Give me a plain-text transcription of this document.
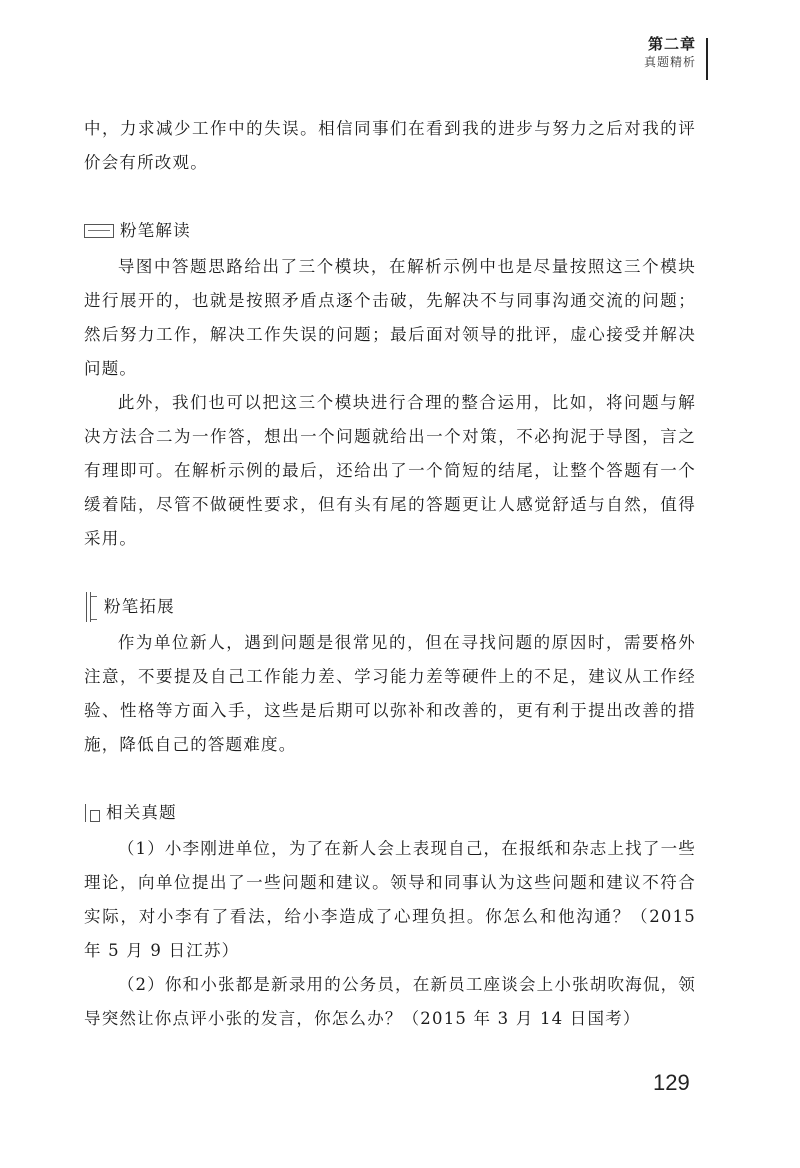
第二章
真题精析

中，力求减少工作中的失误。相信同事们在看到我的进步与努力之后对我的评价会有所改观。

粉笔解读

导图中答题思路给出了三个模块，在解析示例中也是尽量按照这三个模块进行展开的，也就是按照矛盾点逐个击破，先解决不与同事沟通交流的问题；然后努力工作，解决工作失误的问题；最后面对领导的批评，虚心接受并解决问题。

此外，我们也可以把这三个模块进行合理的整合运用，比如，将问题与解决方法合二为一作答，想出一个问题就给出一个对策，不必拘泥于导图，言之有理即可。在解析示例的最后，还给出了一个简短的结尾，让整个答题有一个缓着陆，尽管不做硬性要求，但有头有尾的答题更让人感觉舒适与自然，值得采用。

粉笔拓展

作为单位新人，遇到问题是很常见的，但在寻找问题的原因时，需要格外注意，不要提及自己工作能力差、学习能力差等硬件上的不足，建议从工作经验、性格等方面入手，这些是后期可以弥补和改善的，更有利于提出改善的措施，降低自己的答题难度。

相关真题

（1）小李刚进单位，为了在新人会上表现自己，在报纸和杂志上找了一些理论，向单位提出了一些问题和建议。领导和同事认为这些问题和建议不符合实际，对小李有了看法，给小李造成了心理负担。你怎么和他沟通？（2015 年 5 月 9 日江苏）

（2）你和小张都是新录用的公务员，在新员工座谈会上小张胡吹海侃，领导突然让你点评小张的发言，你怎么办？（2015 年 3 月 14 日国考）

129
